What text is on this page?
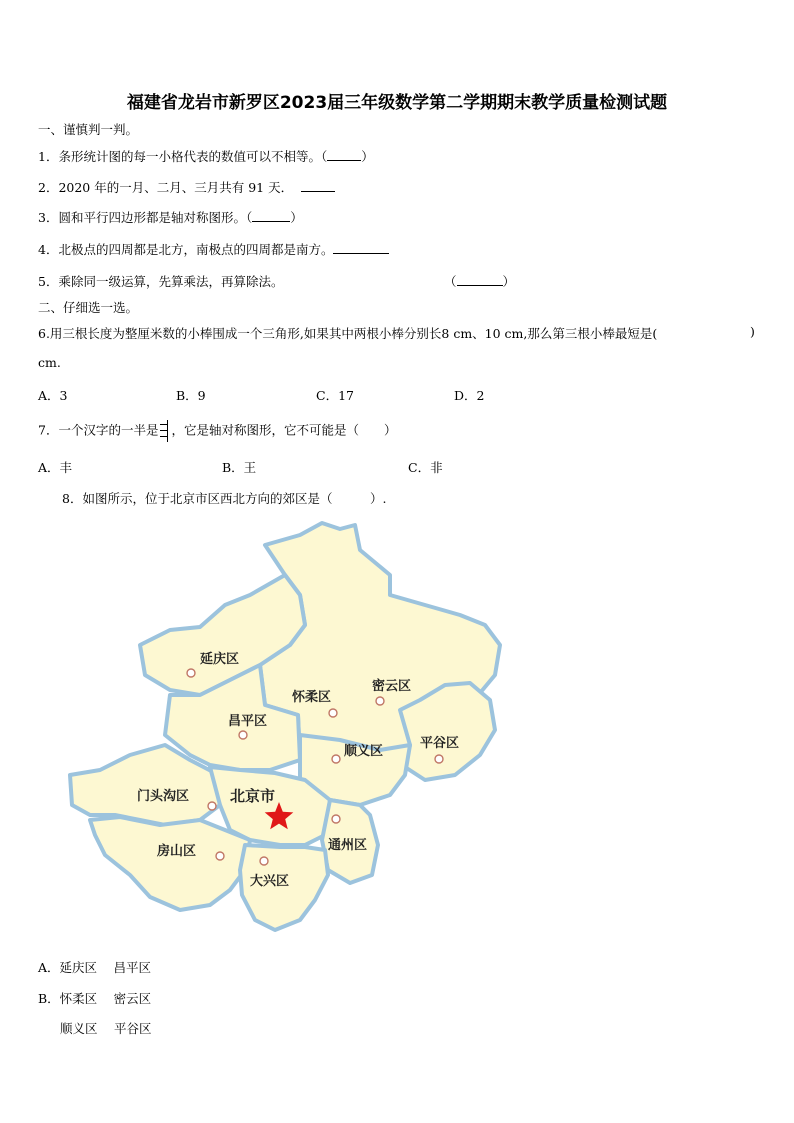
福建省龙岩市新罗区2023届三年级数学第二学期期末教学质量检测试题
一、谨慎判一判。
1．条形统计图的每一小格代表的数值可以不相等。（	）
2．2020 年的一月、二月、三月共有 91 天．
3．圆和平行四边形都是轴对称图形。（	）
4．北极点的四周都是北方，南极点的四周都是南方。
5．乘除同一级运算，先算乘法，再算除法。	（	）
二、仔细选一选。
6.用三根长度为整厘米数的小棒围成一个三角形,如果其中两根小棒分别长8 cm、10 cm,那么第三根小棒最短是(	)
cm.
A．3	B．9	C．17	D．2
7．一个汉字的一半是 ，它是轴对称图形，它不可能是（　　）
A．丰	B．王	C．非
8．如图所示，位于北京市区西北方向的郊区是（　　　）.
延庆区
怀柔区
密云区
昌平区
平谷区
顺义区
门头沟区	北京市
房山区	通州区
大兴区
A．延庆区　 昌平区
B．怀柔区　 密云区
顺义区　 平谷区
